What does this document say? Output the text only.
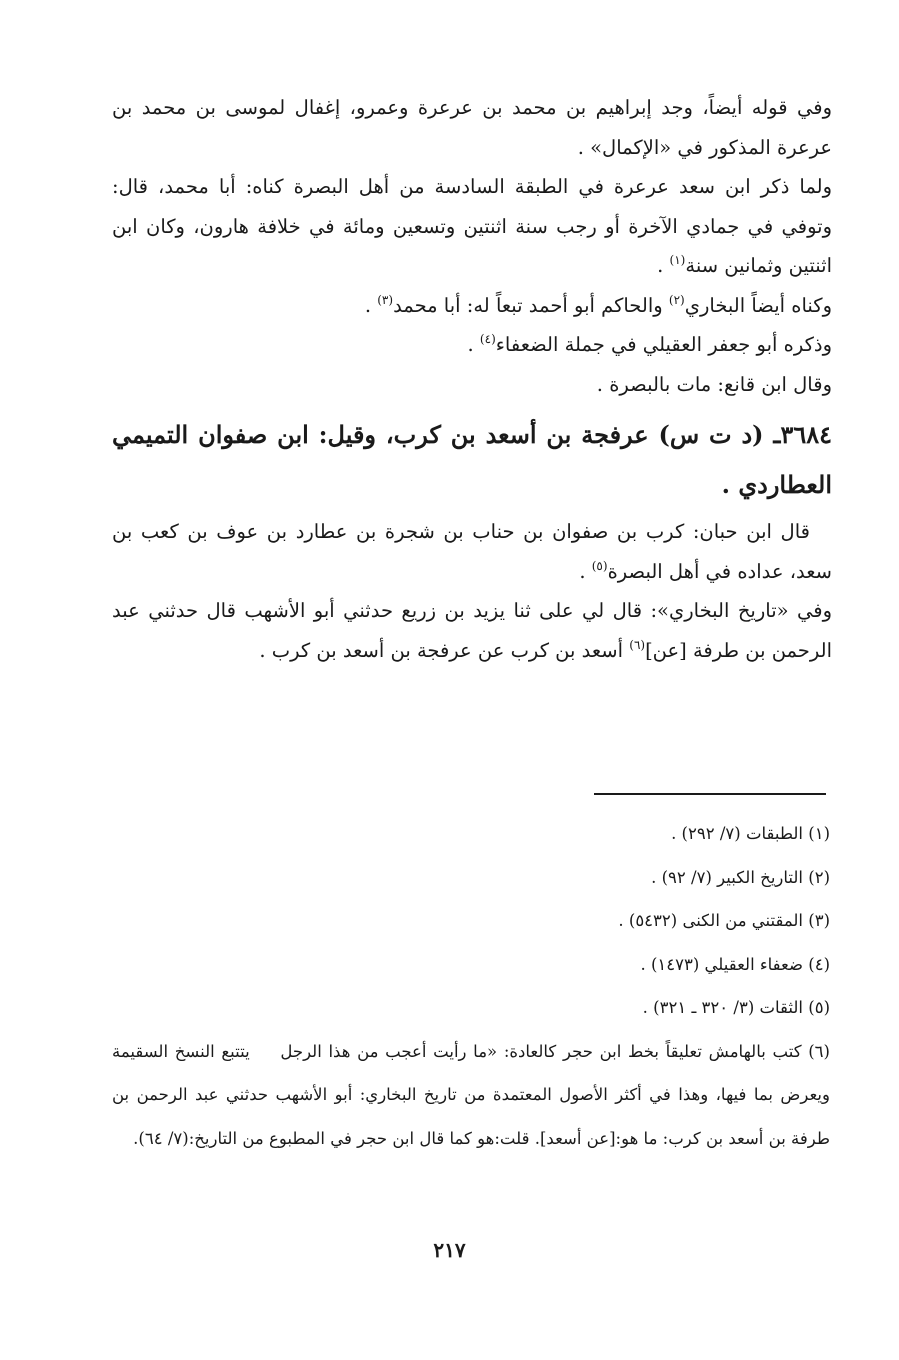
وفي قوله أيضاً، وجد إبراهيم بن محمد بن عرعرة وعمرو، إغفال لموسى بن محمد بن عرعرة المذكور في «الإكمال» .

ولما ذكر ابن سعد عرعرة في الطبقة السادسة من أهل البصرة كناه: أبا محمد، قال: وتوفي في جمادي الآخرة أو رجب سنة اثنتين وتسعين ومائة في خلافة هارون، وكان ابن اثنتين وثمانين سنة$^{(١)}$ .

وكناه أيضاً البخاري$^{(٢)}$ والحاكم أبو أحمد تبعاً له: أبا محمد$^{(٣)}$ .

وذكره أبو جعفر العقيلي في جملة الضعفاء$^{(٤)}$ .

وقال ابن قانع: مات بالبصرة .

٣٦٨٤ـ (د ت س) عرفجة بن أسعد بن كرب، وقيل: ابن صفوان التميمي العطاردي .

قال ابن حبان: كرب بن صفوان بن حناب بن شجرة بن عطارد بن عوف بن كعب بن سعد، عداده في أهل البصرة$^{(٥)}$ .

وفي «تاريخ البخاري»: قال لي على ثنا يزيد بن زريع حدثني أبو الأشهب قال حدثني عبد الرحمن بن طرفة [عن]$^{(٦)}$ أسعد بن كرب عن عرفجة بن أسعد بن كرب .

(١) الطبقات (٧/ ٢٩٢) .

(٢) التاريخ الكبير (٧/ ٩٢) .

(٣) المقتني من الكنى (٥٤٣٢) .

(٤) ضعفاء العقيلي (١٤٧٣) .

(٥) الثقات (٣/ ٣٢٠ ـ ٣٢١) .

(٦) كتب بالهامش تعليقاً بخط ابن حجر كالعادة: «ما رأيت أعجب من هذا الرجل يتتبع النسخ السقيمة ويعرض بما فيها، وهذا في أكثر الأصول المعتمدة من تاريخ البخاري: أبو الأشهب حدثني عبد الرحمن بن طرفة بن أسعد بن كرب: ما هو:[عن أسعد]. قلت:هو كما قال ابن حجر في المطبوع من التاريخ:(٧/ ٦٤).

٢١٧
